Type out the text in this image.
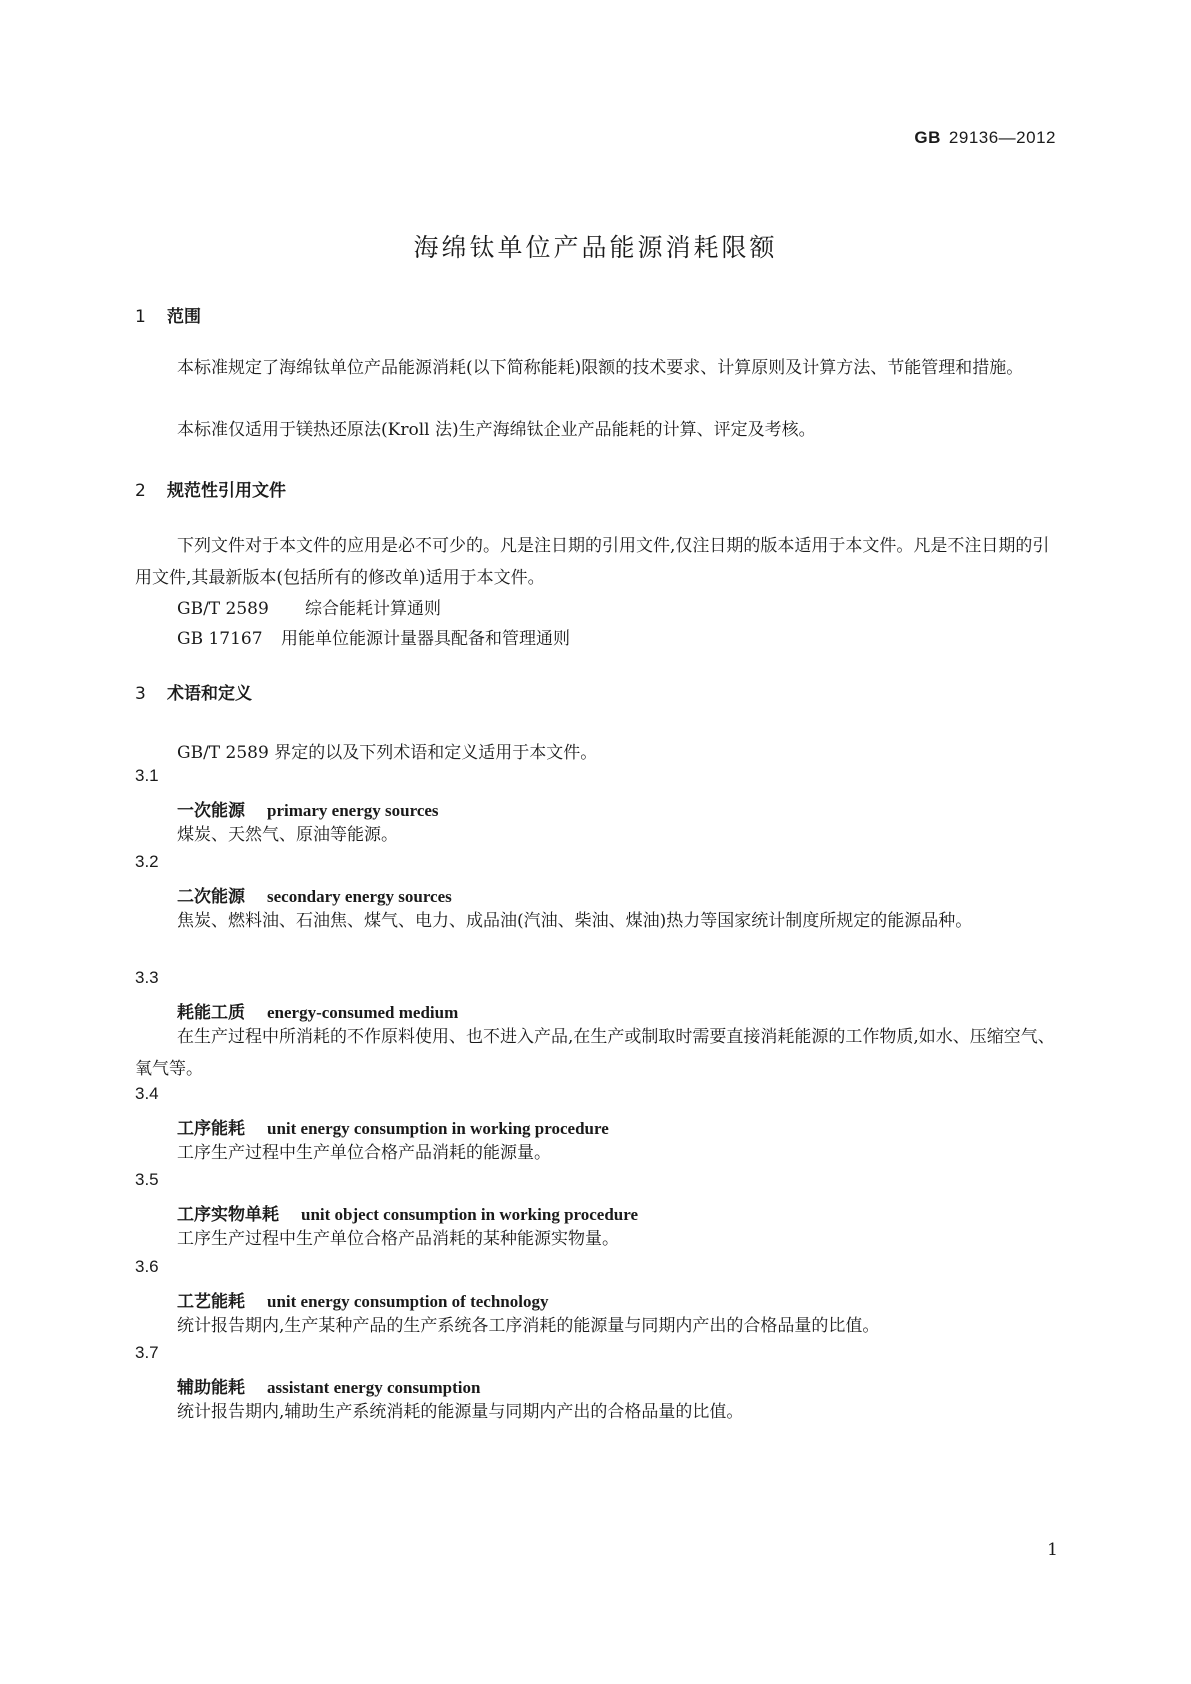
GB 29136—2012
海绵钛单位产品能源消耗限额
1 范围
本标准规定了海绵钛单位产品能源消耗(以下简称能耗)限额的技术要求、计算原则及计算方法、节能管理和措施。
本标准仅适用于镁热还原法(Kroll 法)生产海绵钛企业产品能耗的计算、评定及考核。
2 规范性引用文件
下列文件对于本文件的应用是必不可少的。凡是注日期的引用文件,仅注日期的版本适用于本文件。凡是不注日期的引用文件,其最新版本(包括所有的修改单)适用于本文件。
GB/T 2589 综合能耗计算通则
GB 17167 用能单位能源计量器具配备和管理通则
3 术语和定义
GB/T 2589 界定的以及下列术语和定义适用于本文件。
3.1
一次能源 primary energy sources
煤炭、天然气、原油等能源。
3.2
二次能源 secondary energy sources
焦炭、燃料油、石油焦、煤气、电力、成品油(汽油、柴油、煤油)热力等国家统计制度所规定的能源品种。
3.3
耗能工质 energy-consumed medium
在生产过程中所消耗的不作原料使用、也不进入产品,在生产或制取时需要直接消耗能源的工作物质,如水、压缩空气、氧气等。
3.4
工序能耗 unit energy consumption in working procedure
工序生产过程中生产单位合格产品消耗的能源量。
3.5
工序实物单耗 unit object consumption in working procedure
工序生产过程中生产单位合格产品消耗的某种能源实物量。
3.6
工艺能耗 unit energy consumption of technology
统计报告期内,生产某种产品的生产系统各工序消耗的能源量与同期内产出的合格品量的比值。
3.7
辅助能耗 assistant energy consumption
统计报告期内,辅助生产系统消耗的能源量与同期内产出的合格品量的比值。
1
